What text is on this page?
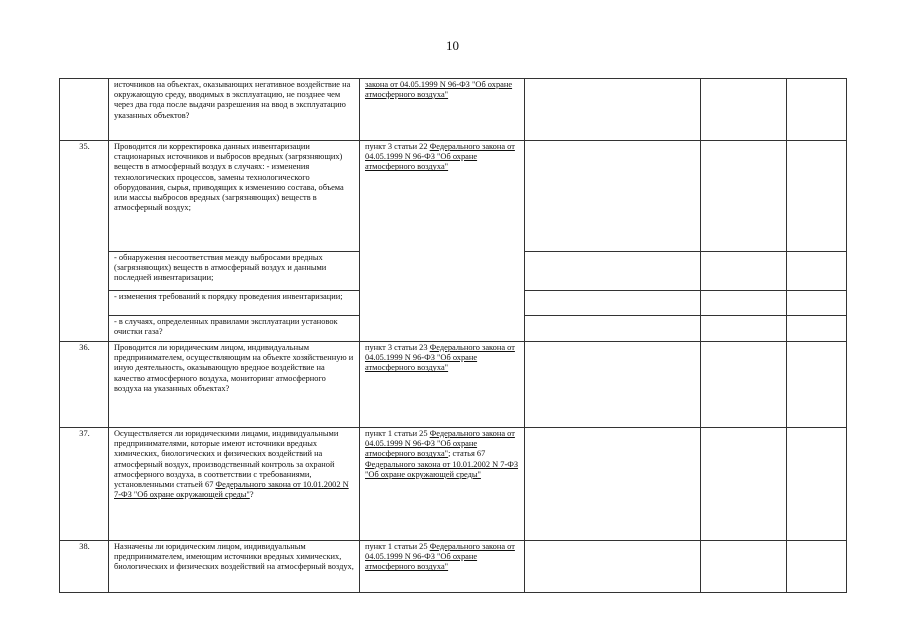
10
	источников на объектах, оказывающих негативное воздействие на окружающую среду, вводимых в эксплуатацию, не позднее чем через два года после выдачи разрешения на ввод в эксплуатацию указанных объектов?	закона от 04.05.1999 N 96-ФЗ "Об охране атмосферного воздуха"			
35.	Проводится ли корректировка данных инвентаризации стационарных источников и выбросов вредных (загрязняющих) веществ в атмосферный воздух в случаях: - изменения технологических процессов, замены технологического оборудования, сырья, приводящих к изменению состава, объема или массы выбросов вредных (загрязняющих) веществ в атмосферный воздух;	пункт 3 статьи 22 Федерального закона от 04.05.1999 N 96-ФЗ "Об охране атмосферного воздуха"			
	- обнаружения несоответствия между выбросами вредных (загрязняющих) веществ в атмосферный воздух и данными последней инвентаризации;				
	- изменения требований к порядку проведения инвентаризации;				
	- в случаях, определенных правилами эксплуатации установок очистки газа?				
36.	Проводится ли юридическим лицом, индивидуальным предпринимателем, осуществляющим на объекте хозяйственную и иную деятельность, оказывающую вредное воздействие на качество атмосферного воздуха, мониторинг атмосферного воздуха на указанных объектах?	пункт 3 статьи 23 Федерального закона от 04.05.1999 N 96-ФЗ "Об охране атмосферного воздуха"			
37.	Осуществляется ли юридическими лицами, индивидуальными предпринимателями, которые имеют источники вредных химических, биологических и физических воздействий на атмосферный воздух, производственный контроль за охраной атмосферного воздуха, в соответствии с требованиями, установленными статьей 67 Федерального закона от 10.01.2002 N 7-ФЗ "Об охране окружающей среды"?	пункт 1 статьи 25 Федерального закона от 04.05.1999 N 96-ФЗ "Об охране атмосферного воздуха"; статья 67 Федерального закона от 10.01.2002 N 7-ФЗ "Об охране окружающей среды"			
38.	Назначены ли юридическим лицом, индивидуальным предпринимателем, имеющим источники вредных химических, биологических и физических воздействий на атмосферный воздух,	пункт 1 статьи 25 Федерального закона от 04.05.1999 N 96-ФЗ "Об охране атмосферного воздуха"			
